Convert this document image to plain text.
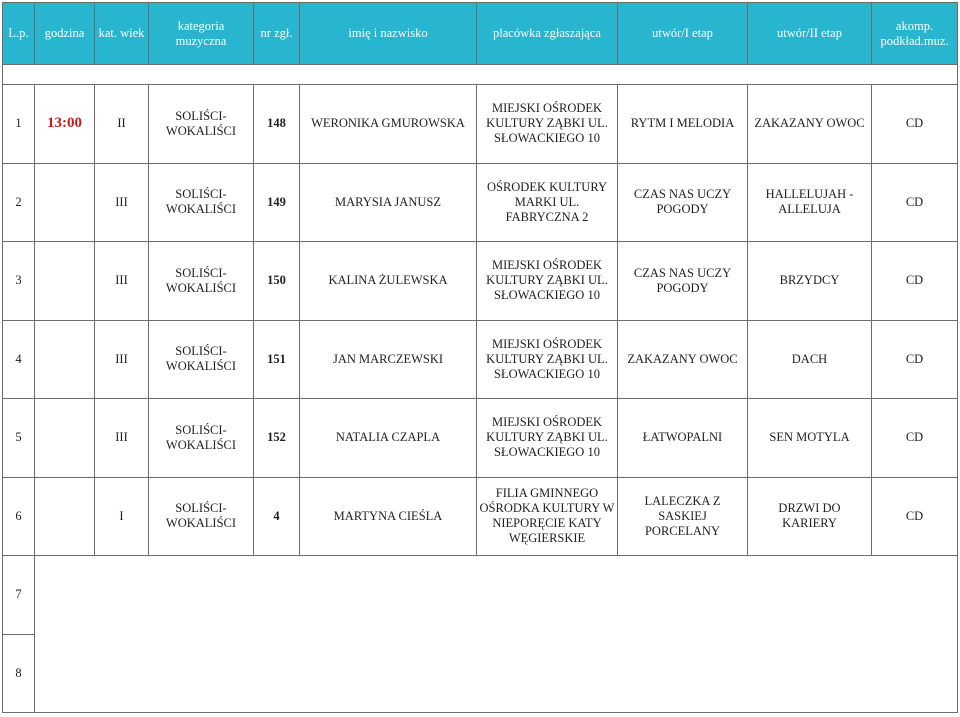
L.p.	godzina	kat. wiek	kategoria muzyczna	nr zgł.	imię i nazwisko	placówka zgłaszająca	utwór/I etap	utwór/II etap	akomp. podkład.muz.

1	13:00	II	SOLIŚCI-WOKALIŚCI	148	WERONIKA GMUROWSKA	MIEJSKI OŚRODEK KULTURY ZĄBKI UL. SŁOWACKIEGO 10	RYTM I MELODIA	ZAKAZANY OWOC	CD
2		III	SOLIŚCI-WOKALIŚCI	149	MARYSIA JANUSZ	OŚRODEK KULTURY MARKI UL. FABRYCZNA 2	CZAS NAS UCZY POGODY	HALLELUJAH - ALLELUJA	CD
3		III	SOLIŚCI-WOKALIŚCI	150	KALINA ŻULEWSKA	MIEJSKI OŚRODEK KULTURY ZĄBKI UL. SŁOWACKIEGO 10	CZAS NAS UCZY POGODY	BRZYDCY	CD
4		III	SOLIŚCI-WOKALIŚCI	151	JAN MARCZEWSKI	MIEJSKI OŚRODEK KULTURY ZĄBKI UL. SŁOWACKIEGO 10	ZAKAZANY OWOC	DACH	CD
5		III	SOLIŚCI-WOKALIŚCI	152	NATALIA CZAPLA	MIEJSKI OŚRODEK KULTURY ZĄBKI UL. SŁOWACKIEGO 10	ŁATWOPALNI	SEN MOTYLA	CD
6		I	SOLIŚCI-WOKALIŚCI	4	MARTYNA CIEŚLA	FILIA GMINNEGO OŚRODKA KULTURY W NIEPORĘCIE KATY WĘGIERSKIE	LALECZKA Z SASKIEJ PORCELANY	DRZWI DO KARIERY	CD
7									
8									
